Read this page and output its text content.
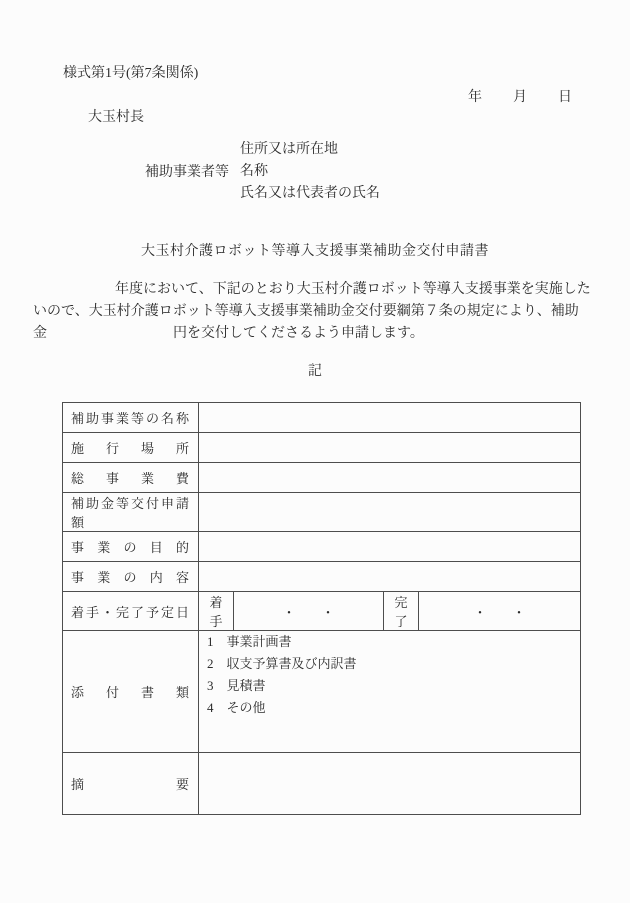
様式第1号(第7条関係)
年　　月　　日
大玉村長
補助事業者等
住所又は所在地
名称
氏名又は代表者の氏名
大玉村介護ロボット等導入支援事業補助金交付申請書
年度において、下記のとおり大玉村介護ロボット等導入支援事業を実施した
いので、大玉村介護ロボット等導入支援事業補助金交付要綱第７条の規定により、補助
金　　　　　　　　　円を交付してくださるよう申請します。
記
補助事業等の名称				
施行場所				
総事業費				
補助金等交付申請額				
事業の目的				
事業の内容				
着手・完了予定日	着手	・　　・	完了	・　　・
添付書類	1　事業計画書
2　収支予算書及び内訳書
3　見積書
4　その他			

摘要				
